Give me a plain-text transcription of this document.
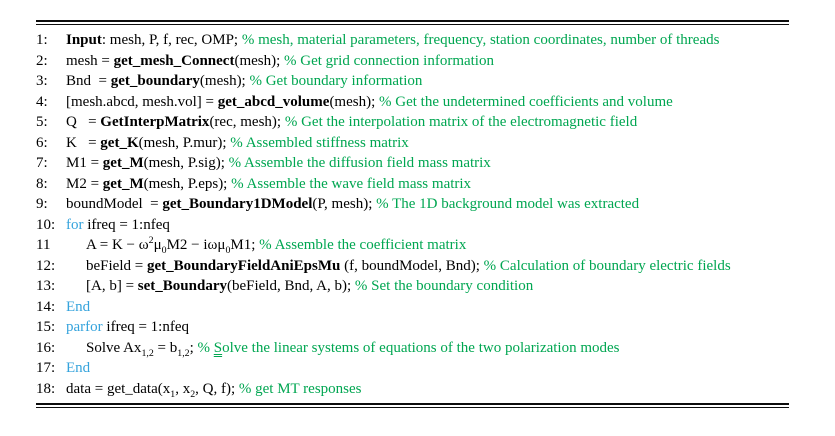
1:	Input: mesh, P, f, rec, OMP; % mesh, material parameters, frequency, station coordinates, number of threads
2:	mesh = get_mesh_Connect(mesh); % Get grid connection information
3:	Bnd  = get_boundary(mesh); % Get boundary information
4:	[mesh.abcd, mesh.vol] = get_abcd_volume(mesh); % Get the undetermined coefficients and volume
5:	Q   = GetInterpMatrix(rec, mesh); % Get the interpolation matrix of the electromagnetic field
6:	K   = get_K(mesh, P.mur); % Assembled stiffness matrix
7:	M1 = get_M(mesh, P.sig); % Assemble the diffusion field mass matrix
8:	M2 = get_M(mesh, P.eps); % Assemble the wave field mass matrix
9:	boundModel  = get_Boundary1DModel(P, mesh); % The 1D background model was extracted
10: for ifreq = 1:nfeq
11	$A = K - \omega^2\mu_0M2 - i\omega\mu_0M1$; % Assemble the coefficient matrix
12:	beField = get_BoundaryFieldAniEpsMu (f, boundModel, Bnd); % Calculation of boundary electric fields
13:	[A, b] = set_Boundary(beField, Bnd, A, b); % Set the boundary condition
14: End
15: parfor ifreq = 1:nfeq
16:	Solve $Ax_{1,2} = b_{1,2}$; % Solve the linear systems of equations of the two polarization modes
17: End
18: data = $get\_data(x_1$, $x_2$, Q, f); % get MT responses
